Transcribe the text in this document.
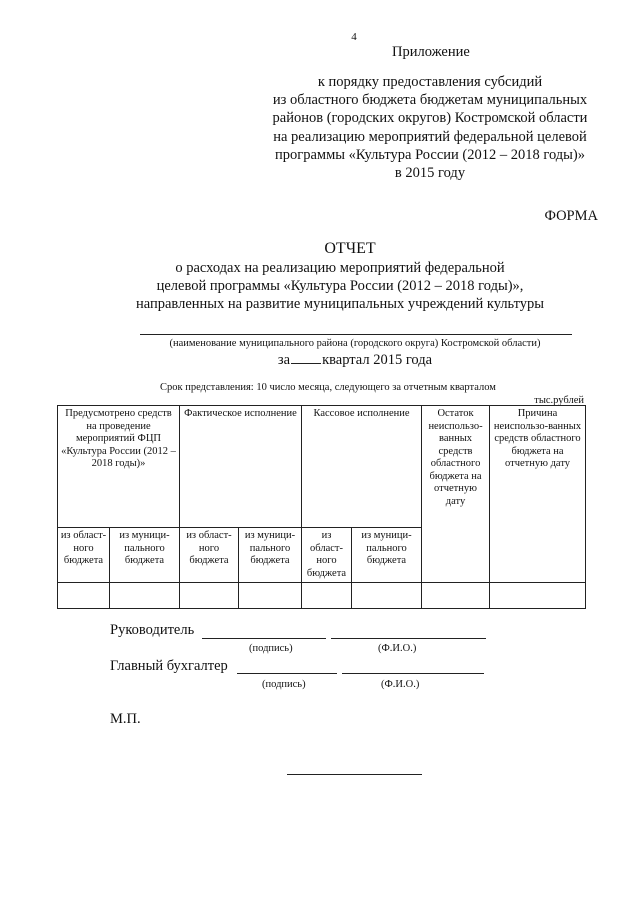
4
Приложение
к порядку предоставления субсидий
из областного бюджета бюджетам муниципальных
районов (городских округов) Костромской области
на реализацию мероприятий федеральной целевой
программы «Культура России (2012 – 2018 годы)»
в 2015 году
ФОРМА
ОТЧЕТ
о расходах на реализацию мероприятий федеральной
целевой программы «Культура России (2012 – 2018 годы)»,
направленных на развитие муниципальных учреждений культуры
(наименование муниципального района (городского округа) Костромской области)
за квартал 2015 года
Срок представления: 10 число месяца, следующего за отчетным кварталом
тыс.рублей
Предусмотрено средств на проведение мероприятий ФЦП «Культура России (2012 – 2018 годы)»		Фактическое исполнение		Кассовое исполнение		Остаток неиспользо-ванных средств областного бюджета на отчетную дату	Причина неиспользо-ванных средств областного бюджета на отчетную дату
из област-ного бюджета	из муници-пального бюджета	из област-ного бюджета	из муници-пального бюджета	из област-ного бюджета	из муници-пального бюджета		

Руководитель
(подпись)	(Ф.И.О.)
Главный бухгалтер
(подпись)	(Ф.И.О.)
М.П.
